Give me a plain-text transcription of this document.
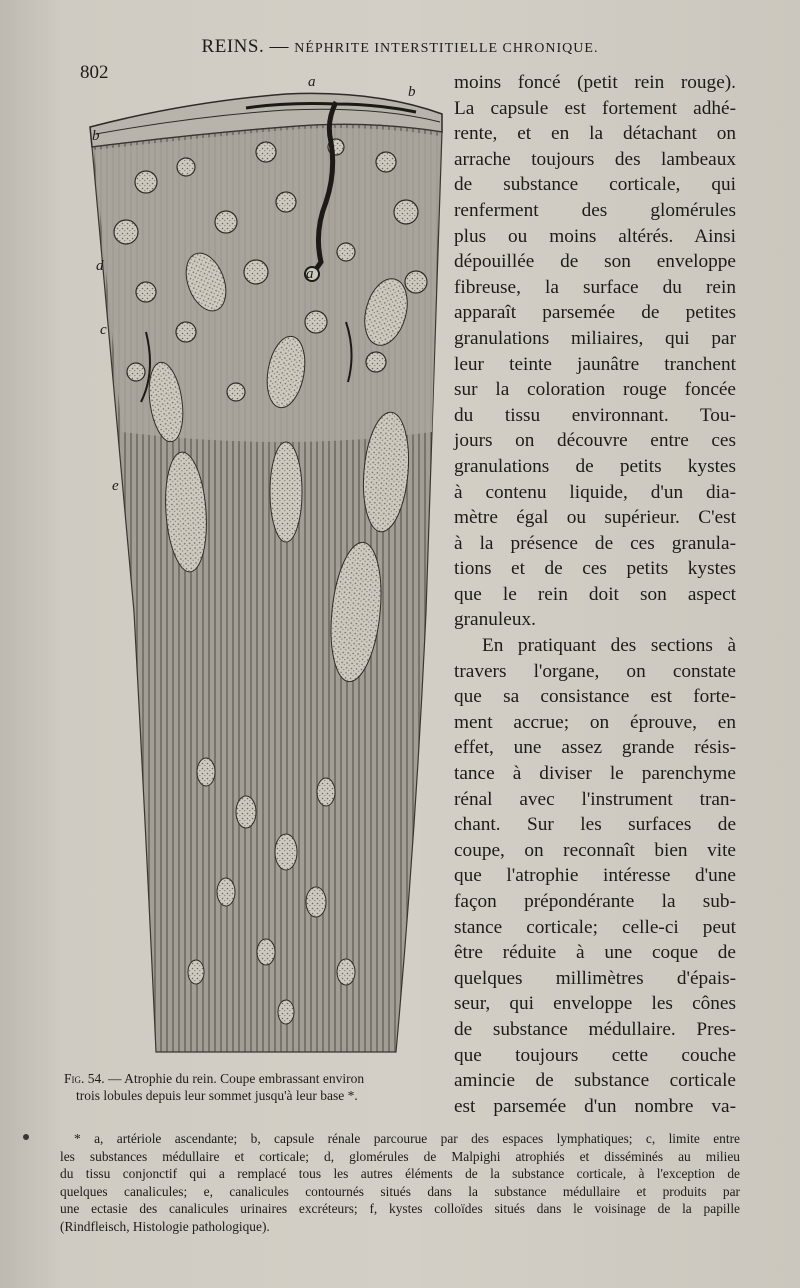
REINS. — NÉPHRITE INTERSTITIELLE CHRONIQUE.
802	a
b
b
a
d
c
e
Fig. 54. — Atrophie du rein. Coupe embrassant environ
trois lobules depuis leur sommet jusqu'à leur base *.

moins foncé (petit rein rouge).
La capsule est fortement adhé-
rente, et en la détachant on
arrache toujours des lambeaux
de substance corticale, qui
renferment des glomérules
plus ou moins altérés. Ainsi
dépouillée de son enveloppe
fibreuse, la surface du rein
apparaît parsemée de petites
granulations miliaires, qui par
leur teinte jaunâtre tranchent
sur la coloration rouge foncée
du tissu environnant. Tou-
jours on découvre entre ces
granulations de petits kystes
à contenu liquide, d'un dia-
mètre égal ou supérieur. C'est
à la présence de ces granula-
tions et de ces petits kystes
que le rein doit son aspect
granuleux.

En pratiquant des sections à
travers l'organe, on constate
que sa consistance est forte-
ment accrue; on éprouve, en
effet, une assez grande résis-
tance à diviser le parenchyme
rénal avec l'instrument tran-
chant. Sur les surfaces de
coupe, on reconnaît bien vite
que l'atrophie intéresse d'une
façon prépondérante la sub-
stance corticale; celle-ci peut
être réduite à une coque de
quelques millimètres d'épais-
seur, qui enveloppe les cônes
de substance médullaire. Pres-
que toujours cette couche
amincie de substance corticale
est parsemée d'un nombre va-

* a, artériole ascendante; b, capsule rénale parcourue par des espaces lymphatiques; c, limite entre
les substances médullaire et corticale; d, glomérules de Malpighi atrophiés et disséminés au milieu
du tissu conjonctif qui a remplacé tous les autres éléments de la substance corticale, à l'exception de
quelques canalicules; e, canalicules contournés situés dans la substance médullaire et produits par
une ectasie des canalicules urinaires excréteurs; f, kystes colloïdes situés dans le voisinage de la papille
(Rindfleisch, Histologie pathologique).
